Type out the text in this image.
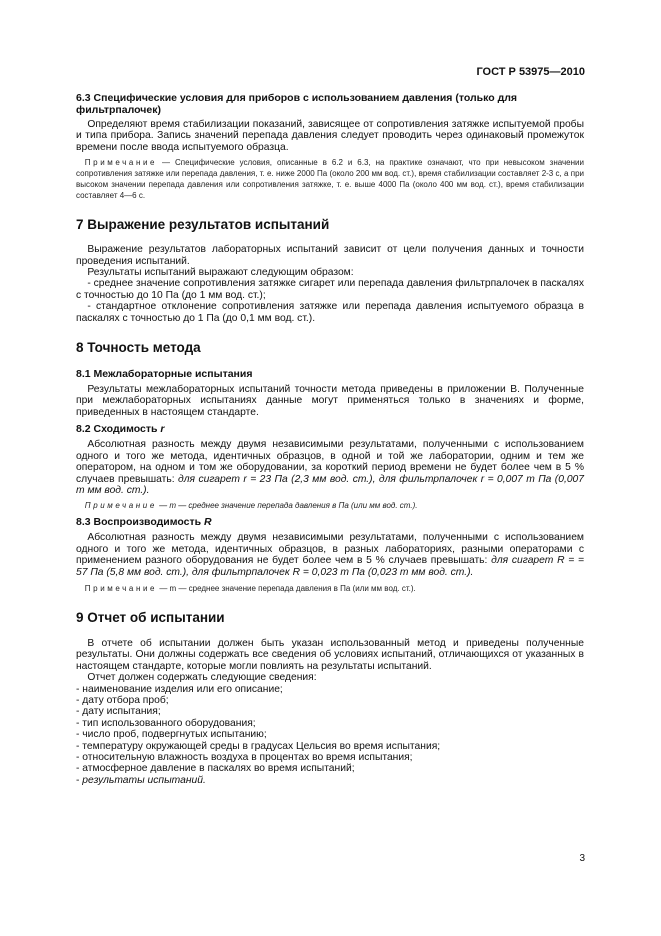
ГОСТ Р 53975—2010

6.3 Специфические условия для приборов с использованием давления (только для
фильтрпалочек)

Определяют время стабилизации показаний, зависящее от сопротивления затяжке испытуемой пробы и типа прибора. Запись значений перепада давления следует проводить через одинаковый промежуток времени после ввода испытуемого образца.

Примечание — Специфические условия, описанные в 6.2 и 6.3, на практике означают, что при невысоком значении сопротивления затяжке или перепада давления, т. е. ниже 2000 Па (около 200 мм вод. ст.), время стабилизации составляет 2-3 с, а при высоком значении перепада давления или сопротивления затяжке, т. е. выше 4000 Па (около 400 мм вод. ст.), время стабилизации составляет 4—6 с.

7 Выражение результатов испытаний

Выражение результатов лабораторных испытаний зависит от цели получения данных и точности проведения испытаний.

Результаты испытаний выражают следующим образом:

- среднее значение сопротивления затяжке сигарет или перепада давления фильтрпалочек в паскалях с точностью до 10 Па (до 1 мм вод. ст.);

- стандартное отклонение сопротивления затяжке или перепада давления испытуемого образца в паскалях с точностью до 1 Па (до 0,1 мм вод. ст.).

8 Точность метода

8.1 Межлабораторные испытания

Результаты межлабораторных испытаний точности метода приведены в приложении В. Полученные при межлабораторных испытаниях данные могут применяться только в значениях и форме, приведенных в настоящем стандарте.

8.2 Сходимость r

Абсолютная разность между двумя независимыми результатами, полученными с использованием одного и того же метода, идентичных образцов, в одной и той же лаборатории, одним и тем же оператором, на одном и том же оборудовании, за короткий период времени не будет более чем в 5 % случаев превышать: для сигарет r = 23 Па (2,3 мм вод. ст.), для фильтрпалочек r = 0,007 m Па (0,007 m мм вод. ст.).

Примечание — m — среднее значение перепада давления в Па (или мм вод. ст.).

8.3 Воспроизводимость R

Абсолютная разность между двумя независимыми результатами, полученными с использованием одного и того же метода, идентичных образцов, в разных лабораториях, разными операторами с применением разного оборудования не будет более чем в 5 % случаев превышать: для сигарет R = = 57 Па (5,8 мм вод. ст.), для фильтрпалочек R = 0,023 m Па (0,023 m мм вод. ст.).

Примечание — m — среднее значение перепада давления в Па (или мм вод. ст.).

9 Отчет об испытании

В отчете об испытании должен быть указан использованный метод и приведены полученные результаты. Они должны содержать все сведения об условиях испытаний, отличающихся от указанных в настоящем стандарте, которые могли повлиять на результаты испытаний.

Отчет должен содержать следующие сведения:

- наименование изделия или его описание;

- дату отбора проб;

- дату испытания;

- тип использованного оборудования;

- число проб, подвергнутых испытанию;

- температуру окружающей среды в градусах Цельсия во время испытания;

- относительную влажность воздуха в процентах во время испытания;

- атмосферное давление в паскалях во время испытаний;

- результаты испытаний.

3
